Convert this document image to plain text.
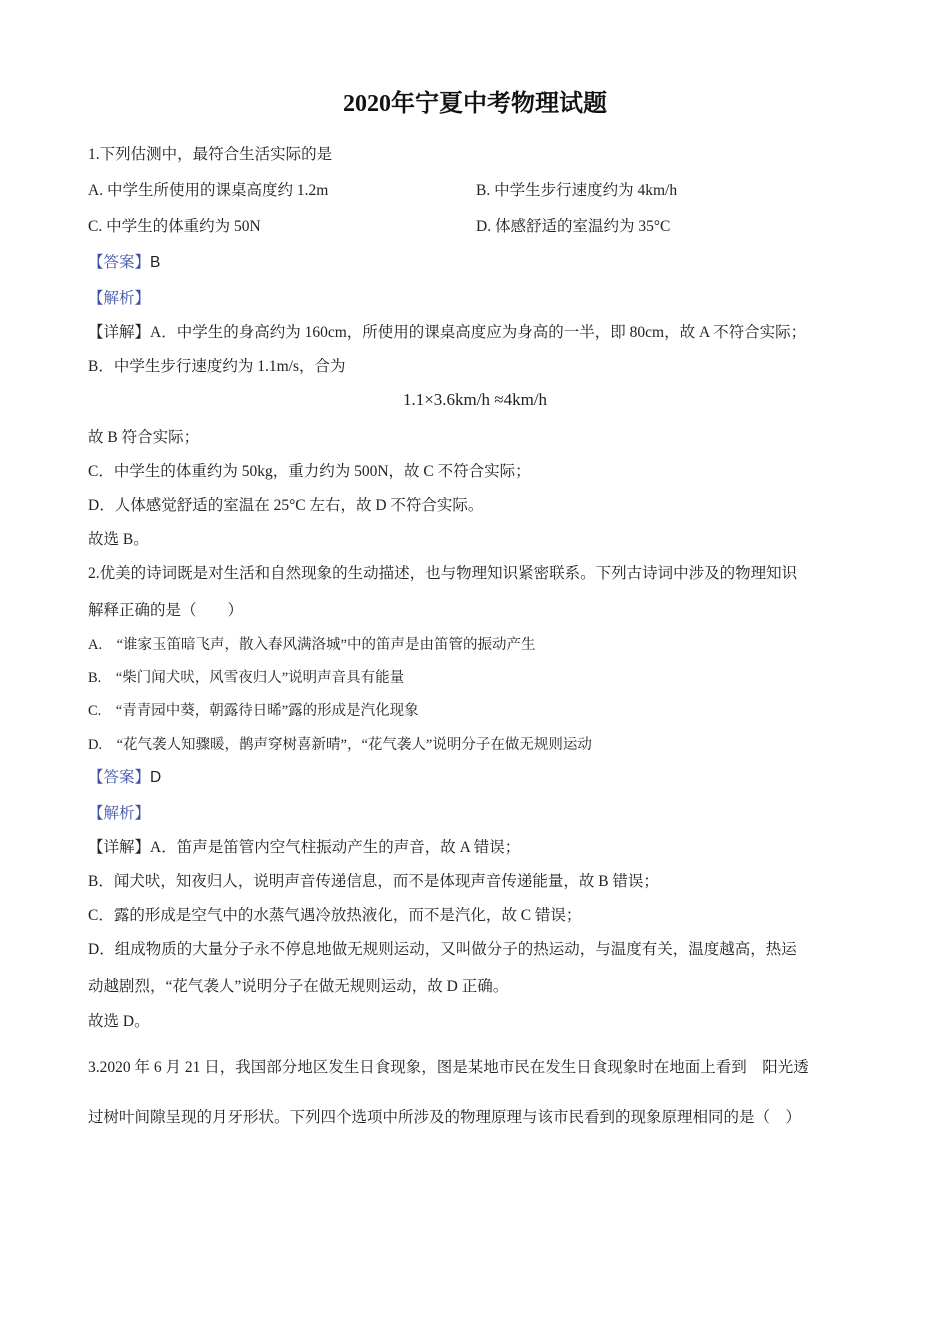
2020年宁夏中考物理试题
1.下列估测中，最符合生活实际的是
A. 中学生所使用的课桌高度约 1.2m	B. 中学生步行速度约为 4km/h
C. 中学生的体重约为 50N	D. 体感舒适的室温约为 35°C
【答案】B
【解析】
【详解】A．中学生的身高约为 160cm，所使用的课桌高度应为身高的一半，即 80cm，故 A 不符合实际；
B．中学生步行速度约为 1.1m/s，合为
1.1×3.6km/h ≈4km/h
故 B 符合实际；
C．中学生的体重约为 50kg，重力约为 500N，故 C 不符合实际；
D．人体感觉舒适的室温在 25°C 左右，故 D 不符合实际。
故选 B。
2.优美的诗词既是对生活和自然现象的生动描述，也与物理知识紧密联系。下列古诗词中涉及的物理知识
解释正确的是（　　）
A.　“谁家玉笛暗飞声，散入春风满洛城”中的笛声是由笛管的振动产生
B.　“柴门闻犬吠，风雪夜归人”说明声音具有能量
C.　“青青园中葵，朝露待日晞”露的形成是汽化现象
D.　“花气袭人知骤暖，鹊声穿树喜新晴”，“花气袭人”说明分子在做无规则运动
【答案】D
【解析】
【详解】A．笛声是笛管内空气柱振动产生的声音，故 A 错误；
B．闻犬吠，知夜归人，说明声音传递信息，而不是体现声音传递能量，故 B 错误；
C．露的形成是空气中的水蒸气遇冷放热液化，而不是汽化，故 C 错误；
D．组成物质的大量分子永不停息地做无规则运动，又叫做分子的热运动，与温度有关，温度越高，热运
动越剧烈，“花气袭人”说明分子在做无规则运动，故 D 正确。
故选 D。
3.2020 年 6 月 21 日，我国部分地区发生日食现象，图是某地市民在发生日食现象时在地面上看到　阳光透
过树叶间隙呈现的月牙形状。下列四个选项中所涉及的物理原理与该市民看到的现象原理相同的是（　）
